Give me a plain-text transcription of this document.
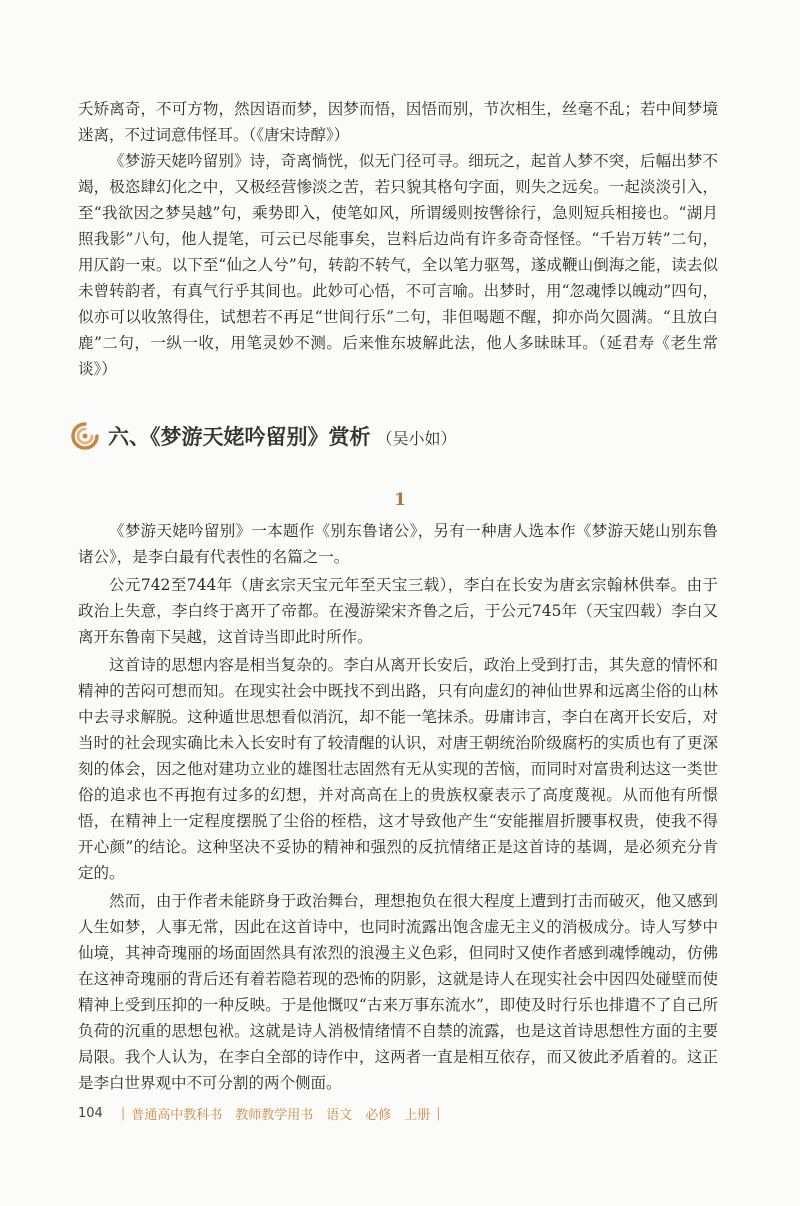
夭矫离奇，不可方物，然因语而梦，因梦而悟，因悟而别，节次相生，丝毫不乱；若中间梦境迷离，不过词意伟怪耳。（《唐宋诗醇》）

《梦游天姥吟留别》诗，奇离惝恍，似无门径可寻。细玩之，起首人梦不突，后幅出梦不竭，极恣肆幻化之中，又极经营惨淡之苦，若只貌其格句字面，则失之远矣。一起淡淡引入，至“我欲因之梦吴越”句，乘势即入，使笔如风，所谓缓则按辔徐行，急则短兵相接也。“湖月照我影”八句，他人提笔，可云已尽能事矣，岂料后边尚有许多奇奇怪怪。“千岩万转”二句，用仄韵一束。以下至“仙之人兮”句，转韵不转气，全以笔力驱驾，遂成鞭山倒海之能，读去似未曾转韵者，有真气行乎其间也。此妙可心悟，不可言喻。出梦时，用“忽魂悸以魄动”四句，似亦可以收煞得住，试想若不再足“世间行乐”二句，非但喝题不醒，抑亦尚欠圆满。“且放白鹿”二句，一纵一收，用笔灵妙不测。后来惟东坡解此法，他人多昧昧耳。（延君寿《老生常谈》）

六、《梦游天姥吟留别》赏析 （吴小如）
1

《梦游天姥吟留别》一本题作《别东鲁诸公》，另有一种唐人选本作《梦游天姥山别东鲁诸公》，是李白最有代表性的名篇之一。

公元742至744年（唐玄宗天宝元年至天宝三载），李白在长安为唐玄宗翰林供奉。由于政治上失意，李白终于离开了帝都。在漫游梁宋齐鲁之后，于公元745年（天宝四载）李白又离开东鲁南下吴越，这首诗当即此时所作。

这首诗的思想内容是相当复杂的。李白从离开长安后，政治上受到打击，其失意的情怀和精神的苦闷可想而知。在现实社会中既找不到出路，只有向虚幻的神仙世界和远离尘俗的山林中去寻求解脱。这种遁世思想看似消沉，却不能一笔抹杀。毋庸讳言，李白在离开长安后，对当时的社会现实确比未入长安时有了较清醒的认识，对唐王朝统治阶级腐朽的实质也有了更深刻的体会，因之他对建功立业的雄图壮志固然有无从实现的苦恼，而同时对富贵利达这一类世俗的追求也不再抱有过多的幻想，并对高高在上的贵族权豪表示了高度蔑视。从而他有所憬悟，在精神上一定程度摆脱了尘俗的桎梏，这才导致他产生“安能摧眉折腰事权贵，使我不得开心颜”的结论。这种坚决不妥协的精神和强烈的反抗情绪正是这首诗的基调，是必须充分肯定的。

然而，由于作者未能跻身于政治舞台，理想抱负在很大程度上遭到打击而破灭，他又感到人生如梦，人事无常，因此在这首诗中，也同时流露出饱含虚无主义的消极成分。诗人写梦中仙境，其神奇瑰丽的场面固然具有浓烈的浪漫主义色彩，但同时又使作者感到魂悸魄动，仿佛在这神奇瑰丽的背后还有着若隐若现的恐怖的阴影，这就是诗人在现实社会中因四处碰壁而使精神上受到压抑的一种反映。于是他慨叹“古来万事东流水”，即使及时行乐也排遣不了自己所负荷的沉重的思想包袱。这就是诗人消极情绪情不自禁的流露，也是这首诗思想性方面的主要局限。我个人认为，在李白全部的诗作中，这两者一直是相互依存，而又彼此矛盾着的。这正是李白世界观中不可分割的两个侧面。

104 | 普通高中教科书　教师教学用书　语文　必修　上册 |
